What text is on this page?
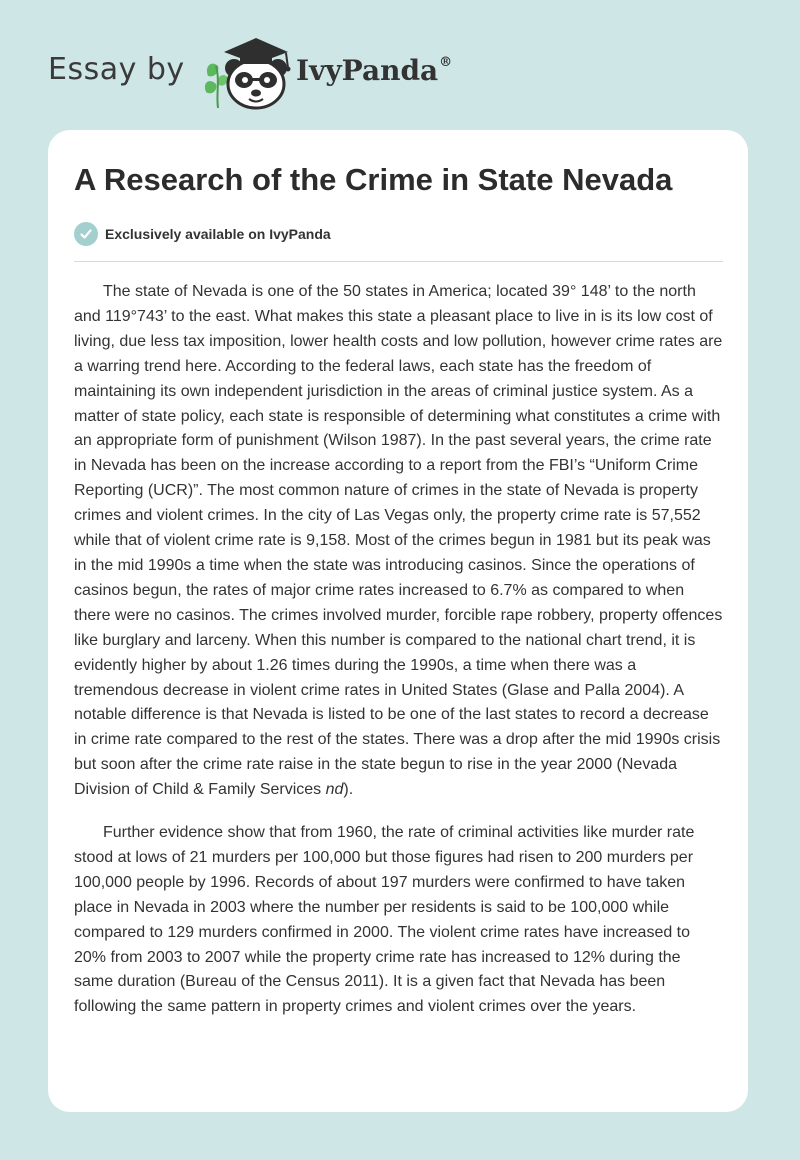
Essay by	IvyPanda®
A Research of the Crime in State Nevada
Exclusively available on IvyPanda

The state of Nevada is one of the 50 states in America; located 39° 148’ to the north and 119°743’ to the east. What makes this state a pleasant place to live in is its low cost of living, due less tax imposition, lower health costs and low pollution, however crime rates are a warring trend here. According to the federal laws, each state has the freedom of maintaining its own independent jurisdiction in the areas of criminal justice system. As a matter of state policy, each state is responsible of determining what constitutes a crime with an appropriate form of punishment (Wilson 1987). In the past several years, the crime rate in Nevada has been on the increase according to a report from the FBI’s “Uniform Crime Reporting (UCR)”. The most common nature of crimes in the state of Nevada is property crimes and violent crimes. In the city of Las Vegas only, the property crime rate is 57,552 while that of violent crime rate is 9,158. Most of the crimes begun in 1981 but its peak was in the mid 1990s a time when the state was introducing casinos. Since the operations of casinos begun, the rates of major crime rates increased to 6.7% as compared to when there were no casinos. The crimes involved murder, forcible rape robbery, property offences like burglary and larceny. When this number is compared to the national chart trend, it is evidently higher by about 1.26 times during the 1990s, a time when there was a tremendous decrease in violent crime rates in United States (Glase and Palla 2004). A notable difference is that Nevada is listed to be one of the last states to record a decrease in crime rate compared to the rest of the states. There was a drop after the mid 1990s crisis but soon after the crime rate raise in the state begun to rise in the year 2000 (Nevada Division of Child & Family Services nd).

Further evidence show that from 1960, the rate of criminal activities like murder rate stood at lows of 21 murders per 100,000 but those figures had risen to 200 murders per 100,000 people by 1996. Records of about 197 murders were confirmed to have taken place in Nevada in 2003 where the number per residents is said to be 100,000 while compared to 129 murders confirmed in 2000. The violent crime rates have increased to 20% from 2003 to 2007 while the property crime rate has increased to 12% during the same duration (Bureau of the Census 2011). It is a given fact that Nevada has been following the same pattern in property crimes and violent crimes over the years.
